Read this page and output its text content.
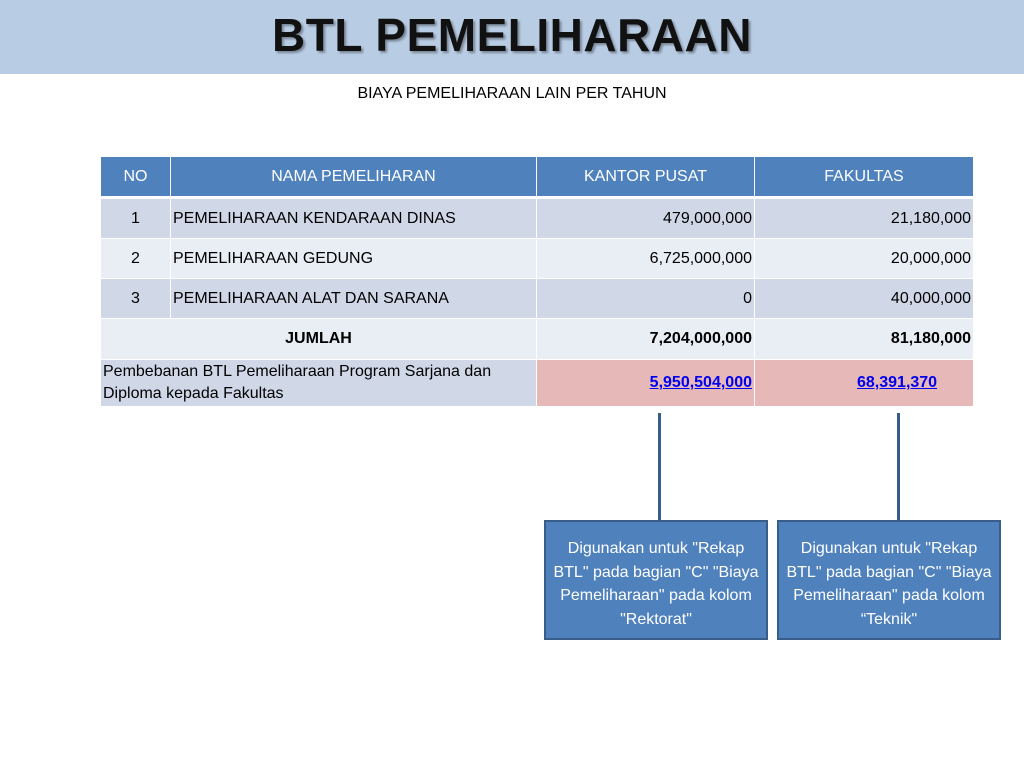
BTL PEMELIHARAAN
BIAYA PEMELIHARAAN LAIN PER TAHUN
NO	NAMA PEMELIHARAN	KANTOR PUSAT	FAKULTAS
1	PEMELIHARAAN KENDARAAN DINAS	479,000,000	21,180,000
2	PEMELIHARAAN GEDUNG	6,725,000,000	20,000,000
3	PEMELIHARAAN ALAT DAN SARANA	0	40,000,000
JUMLAH		7,204,000,000	81,180,000
Pembebanan BTL Pemeliharaan Program Sarjana dan Diploma kepada Fakultas		5,950,504,000	68,391,370
Digunakan untuk "Rekap BTL" pada bagian "C" "Biaya Pemeliharaan" pada kolom "Rektorat"
Digunakan untuk "Rekap BTL" pada bagian "C" "Biaya Pemeliharaan" pada kolom “Teknik"
